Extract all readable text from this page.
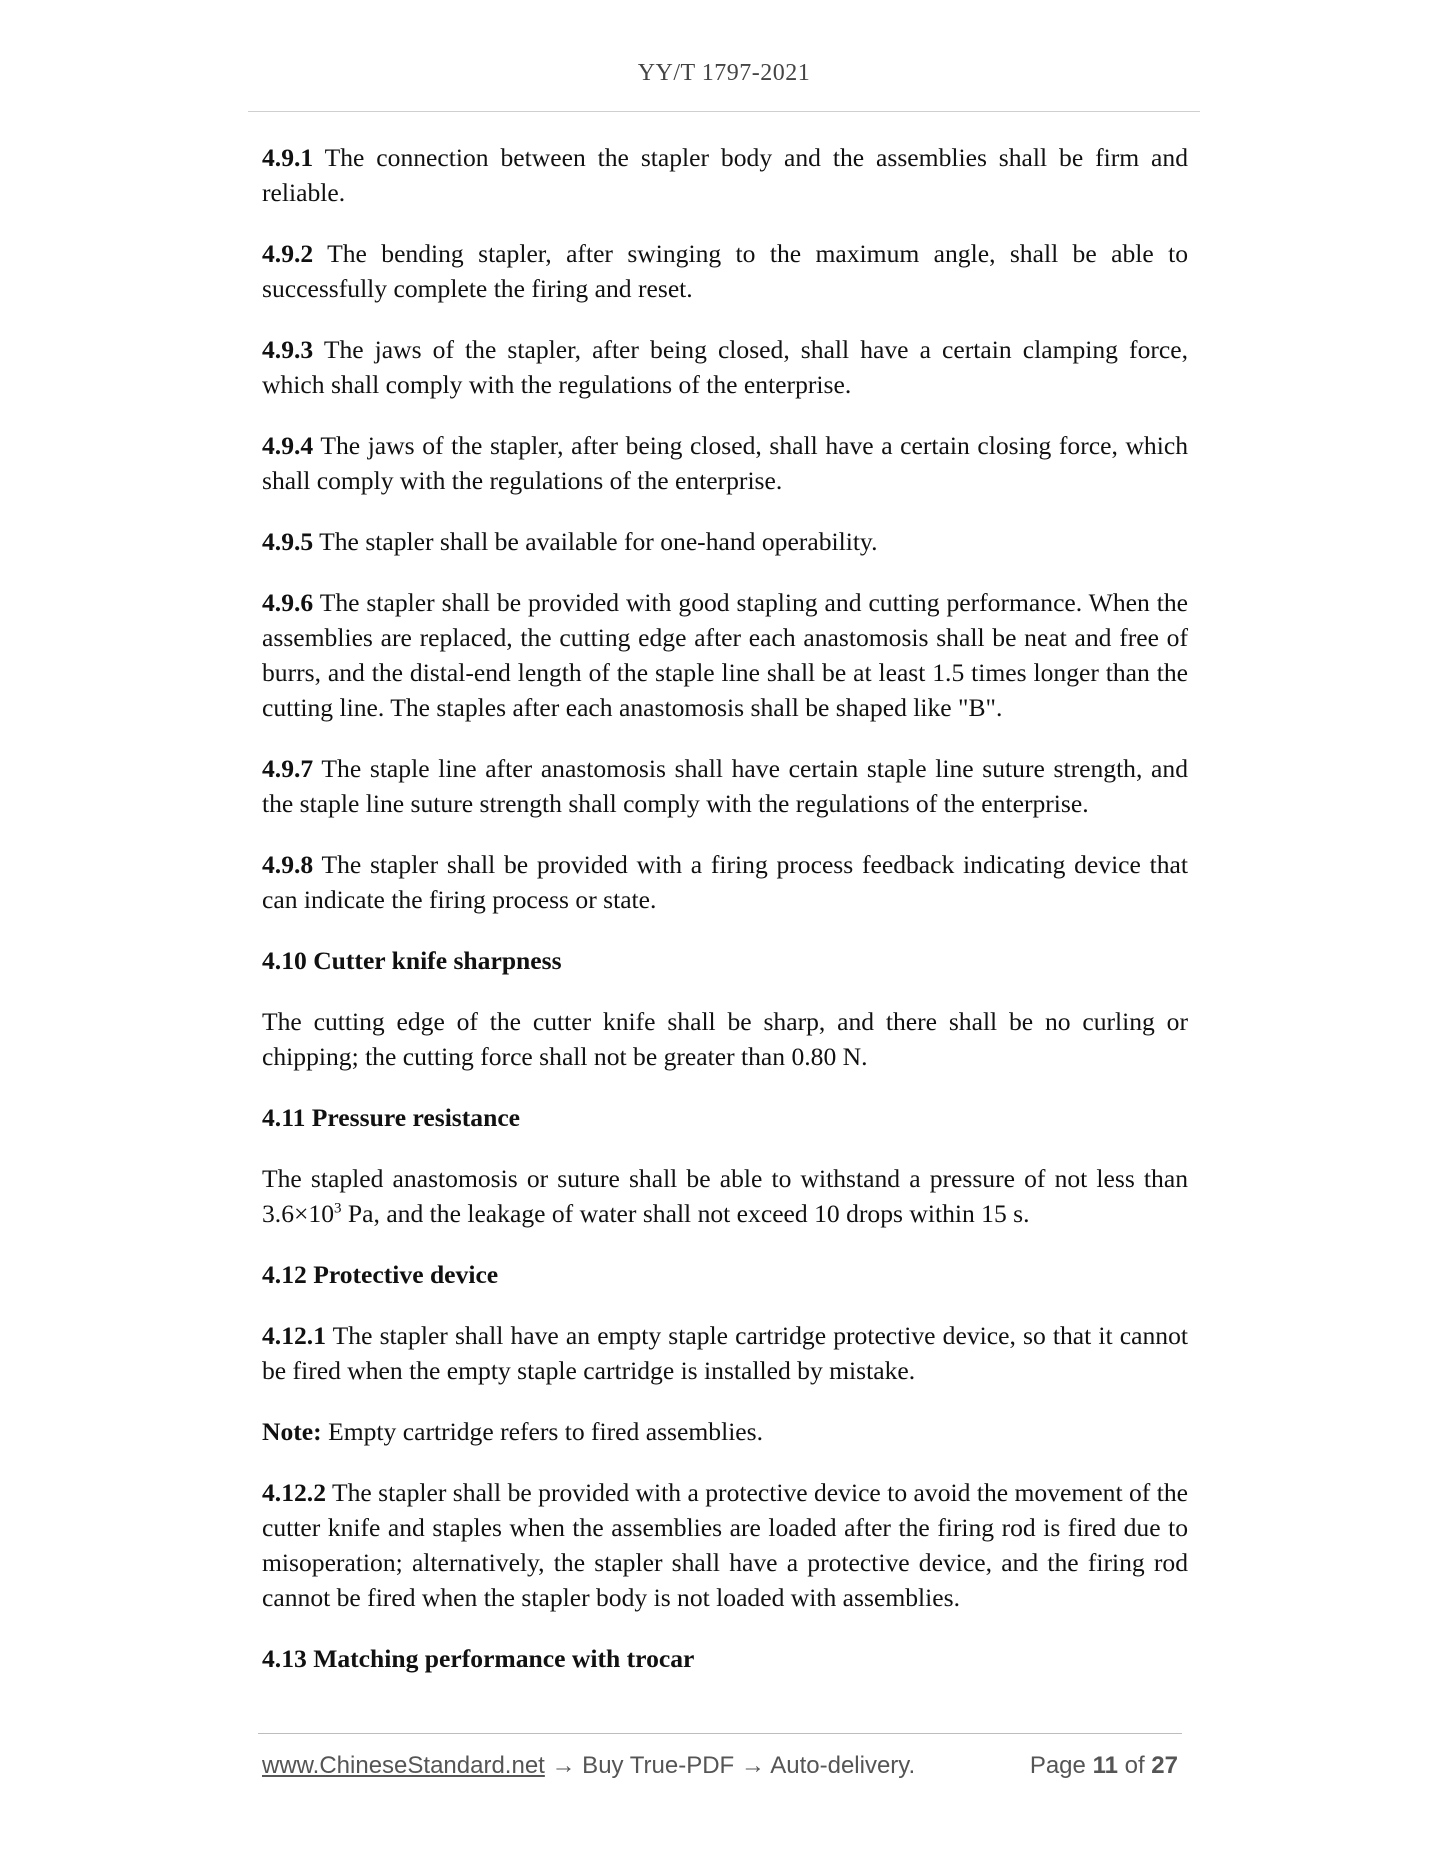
YY/T 1797-2021

4.9.1 The connection between the stapler body and the assemblies shall be firm and reliable.

4.9.2 The bending stapler, after swinging to the maximum angle, shall be able to successfully complete the firing and reset.

4.9.3 The jaws of the stapler, after being closed, shall have a certain clamping force, which shall comply with the regulations of the enterprise.

4.9.4 The jaws of the stapler, after being closed, shall have a certain closing force, which shall comply with the regulations of the enterprise.

4.9.5 The stapler shall be available for one-hand operability.

4.9.6 The stapler shall be provided with good stapling and cutting performance. When the assemblies are replaced, the cutting edge after each anastomosis shall be neat and free of burrs, and the distal-end length of the staple line shall be at least 1.5 times longer than the cutting line. The staples after each anastomosis shall be shaped like "B".

4.9.7 The staple line after anastomosis shall have certain staple line suture strength, and the staple line suture strength shall comply with the regulations of the enterprise.

4.9.8 The stapler shall be provided with a firing process feedback indicating device that can indicate the firing process or state.

4.10 Cutter knife sharpness

The cutting edge of the cutter knife shall be sharp, and there shall be no curling or chipping; the cutting force shall not be greater than 0.80 N.

4.11 Pressure resistance

The stapled anastomosis or suture shall be able to withstand a pressure of not less than $3.6\times 10^3$ Pa, and the leakage of water shall not exceed 10 drops within 15 s.

4.12 Protective device

4.12.1 The stapler shall have an empty staple cartridge protective device, so that it cannot be fired when the empty staple cartridge is installed by mistake.

Note: Empty cartridge refers to fired assemblies.

4.12.2 The stapler shall be provided with a protective device to avoid the movement of the cutter knife and staples when the assemblies are loaded after the firing rod is fired due to misoperation; alternatively, the stapler shall have a protective device, and the firing rod cannot be fired when the stapler body is not loaded with assemblies.

4.13 Matching performance with trocar

www.ChineseStandard.net → Buy True-PDF → Auto-delivery.	Page 11 of 27
